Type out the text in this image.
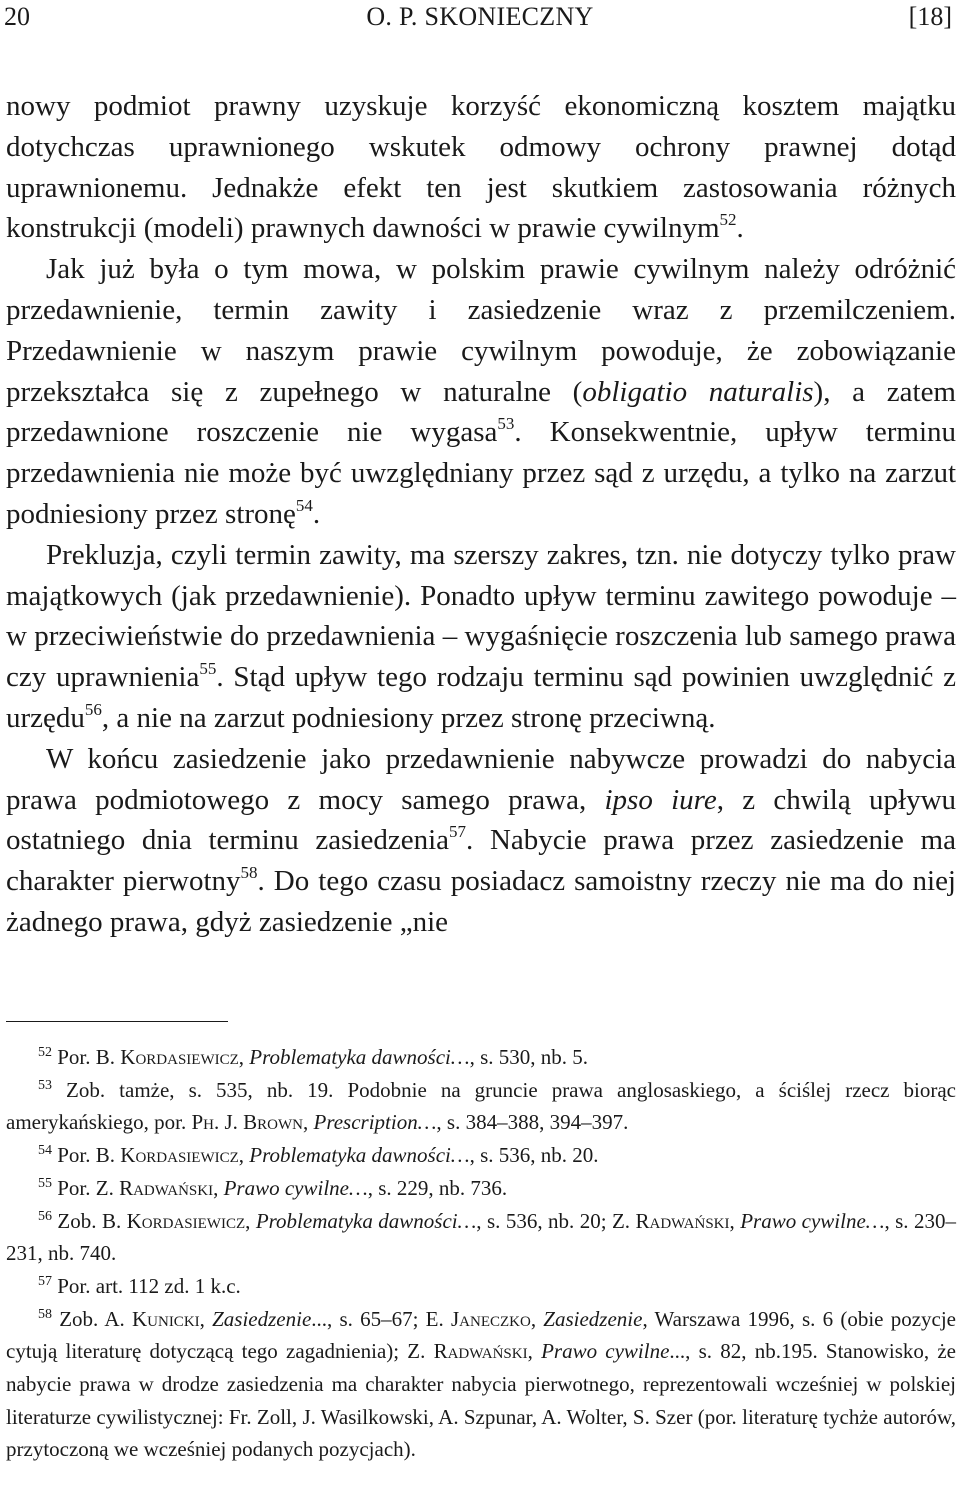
20	O. P. SKONIECZNY	[18]

nowy podmiot prawny uzyskuje korzyść ekonomiczną kosztem majątku dotychczas uprawnionego wskutek odmowy ochrony prawnej dotąd uprawnionemu. Jednakże efekt ten jest skutkiem zastosowania różnych konstrukcji (modeli) prawnych dawności w prawie cywilnym$^{52}$.

Jak już była o tym mowa, w polskim prawie cywilnym należy odróżnić przedawnienie, termin zawity i zasiedzenie wraz z przemilczeniem. Przedawnienie w naszym prawie cywilnym powoduje, że zobowiązanie przekształca się z zupełnego w naturalne (obligatio naturalis), a zatem przedawnione roszczenie nie wygasa$^{53}$. Konsekwentnie, upływ terminu przedawnienia nie może być uwzględniany przez sąd z urzędu, a tylko na zarzut podniesiony przez stronę$^{54}$.

Prekluzja, czyli termin zawity, ma szerszy zakres, tzn. nie dotyczy tylko praw majątkowych (jak przedawnienie). Ponadto upływ terminu zawitego powoduje – w przeciwieństwie do przedawnienia – wygaśnięcie roszczenia lub samego prawa czy uprawnienia$^{55}$. Stąd upływ tego rodzaju terminu sąd powinien uwzględnić z urzędu$^{56}$, a nie na zarzut podniesiony przez stronę przeciwną.

W końcu zasiedzenie jako przedawnienie nabywcze prowadzi do nabycia prawa podmiotowego z mocy samego prawa, ipso iure, z chwilą upływu ostatniego dnia terminu zasiedzenia$^{57}$. Nabycie prawa przez zasiedzenie ma charakter pierwotny$^{58}$. Do tego czasu posiadacz samoistny rzeczy nie ma do niej żadnego prawa, gdyż zasiedzenie „nie

$^{52}$ Por. B. Kordasiewicz, Problematyka dawności…, s. 530, nb. 5.

$^{53}$ Zob. tamże, s. 535, nb. 19. Podobnie na gruncie prawa anglosaskiego, a ściślej rzecz biorąc amerykańskiego, por. Ph. J. Brown, Prescription…, s. 384–388, 394–397.

$^{54}$ Por. B. Kordasiewicz, Problematyka dawności…, s. 536, nb. 20.

$^{55}$ Por. Z. Radwański, Prawo cywilne…, s. 229, nb. 736.

$^{56}$ Zob. B. Kordasiewicz, Problematyka dawności…, s. 536, nb. 20; Z. Radwański, Prawo cywilne…, s. 230–231, nb. 740.

$^{57}$ Por. art. 112 zd. 1 k.c.

$^{58}$ Zob. A. Kunicki, Zasiedzenie..., s. 65–67; E. Janeczko, Zasiedzenie, Warszawa 1996, s. 6 (obie pozycje cytują literaturę dotyczącą tego zagadnienia); Z. Radwański, Prawo cywilne..., s. 82, nb.195. Stanowisko, że nabycie prawa w drodze zasiedzenia ma charakter nabycia pierwotnego, reprezentowali wcześniej w polskiej literaturze cywilistycznej: Fr. Zoll, J. Wasilkowski, A. Szpunar, A. Wolter, S. Szer (por. literaturę tychże autorów, przytoczoną we wcześniej podanych pozycjach).
